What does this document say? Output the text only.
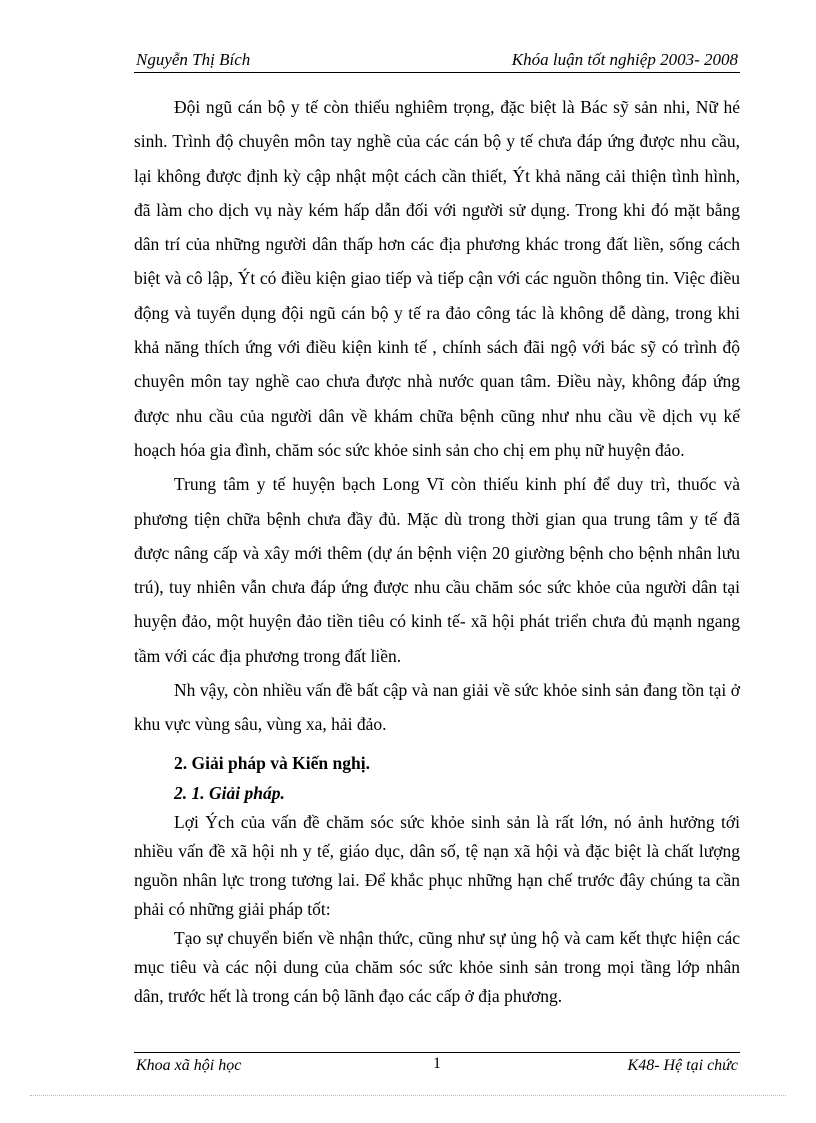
Nguyễn Thị Bích	Khóa luận tốt nghiệp 2003- 2008

Đội ngũ cán bộ y tế còn thiếu nghiêm trọng, đặc biệt là Bác sỹ sản nhi, Nữ hé sinh. Trình độ chuyên môn tay nghề của các cán bộ y tế chưa đáp ứng được nhu cầu, lại không được định kỳ cập nhật một cách cần thiết, Ýt khả năng cải thiện tình hình, đã làm cho dịch vụ này kém hấp dẫn đối với người sử dụng. Trong khi đó mặt bằng dân trí của những người dân thấp hơn các địa phương khác trong đất liền, sống cách biệt và cô lập, Ýt có điều kiện giao tiếp và tiếp cận với các nguồn thông tin. Việc điều động và tuyển dụng đội ngũ cán bộ y tế ra đảo công tác là không dễ dàng, trong khi khả năng thích ứng với điều kiện kinh tế , chính sách đãi ngộ với bác sỹ có trình độ chuyên môn tay nghề cao chưa được nhà nước quan tâm. Điều này, không đáp ứng được nhu cầu của người dân về khám chữa bệnh cũng như nhu cầu về dịch vụ kế hoạch hóa gia đình, chăm sóc sức khỏe sinh sản cho chị em phụ nữ huyện đảo.

Trung tâm y tế huyện bạch Long Vĩ còn thiếu kinh phí để duy trì, thuốc và phương tiện chữa bệnh chưa đầy đủ. Mặc dù trong thời gian qua trung tâm y tế đã được nâng cấp và xây mới thêm (dự án bệnh viện 20 giường bệnh cho bệnh nhân lưu trú), tuy nhiên vẫn chưa đáp ứng được nhu cầu chăm sóc sức khỏe của người dân tại huyện đảo, một huyện đảo tiền tiêu có kinh tế- xã hội phát triển chưa đủ mạnh ngang tầm với các địa phương trong đất liền.

Nh vậy, còn nhiều vấn đề bất cập và nan giải về sức khỏe sinh sản đang tồn tại ở khu vực vùng sâu, vùng xa, hải đảo.

2. Giải pháp và Kiến nghị.

2. 1. Giải pháp.

Lợi Ých của vấn đề chăm sóc sức khỏe sinh sản là rất lớn, nó ảnh hưởng tới nhiều vấn đề xã hội nh y tế, giáo dục, dân số, tệ nạn xã hội và đặc biệt là chất lượng nguồn nhân lực trong tương lai. Để khắc phục những hạn chế trước đây chúng ta cần phải có những giải pháp tốt:

Tạo sự chuyển biến về nhận thức, cũng như sự ủng hộ và cam kết thực hiện các mục tiêu và các nội dung của chăm sóc sức khỏe sinh sản trong mọi tầng lớp nhân dân, trước hết là trong cán bộ lãnh đạo các cấp ở địa phương.

Khoa xã hội học	1	K48- Hệ tại chức
